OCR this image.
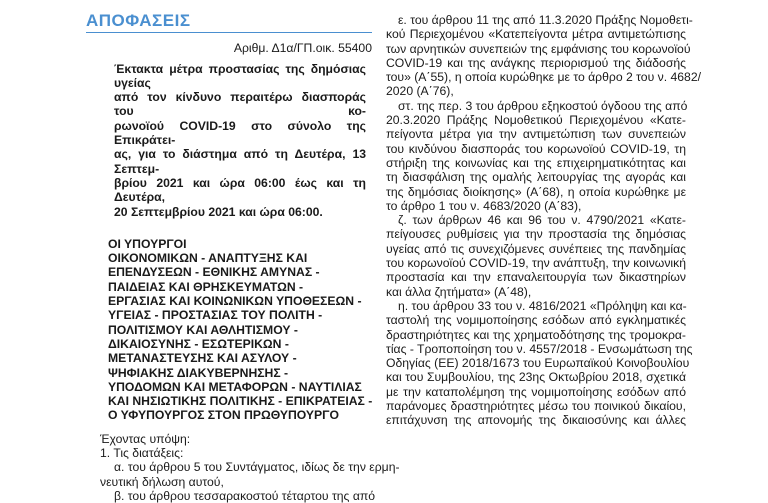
ΑΠΟΦΑΣΕΙΣ
Αριθμ. Δ1α/ΓΠ.οικ. 55400
Έκτακτα μέτρα προστασίας της δημόσιας υγείας
από τον κίνδυνο περαιτέρω διασποράς του κο-
ρωνοϊού COVID-19 στο σύνολο της Επικράτει-
ας, για το διάστημα από τη Δευτέρα, 13 Σεπτεμ-
βρίου 2021 και ώρα 06:00 έως και τη Δευτέρα,
20 Σεπτεμβρίου 2021 και ώρα 06:00.
ΟΙ ΥΠΟΥΡΓΟΙ
ΟΙΚΟΝΟΜΙΚΩΝ - ΑΝΑΠΤΥΞΗΣ ΚΑΙ
ΕΠΕΝΔΥΣΕΩΝ - ΕΘΝΙΚΗΣ ΑΜΥΝΑΣ -
ΠΑΙΔΕΙΑΣ ΚΑΙ ΘΡΗΣΚΕΥΜΑΤΩΝ -
ΕΡΓΑΣΙΑΣ ΚΑΙ ΚΟΙΝΩΝΙΚΩΝ ΥΠΟΘΕΣΕΩΝ -
ΥΓΕΙΑΣ - ΠΡΟΣΤΑΣΙΑΣ ΤΟΥ ΠΟΛΙΤΗ -
ΠΟΛΙΤΙΣΜΟΥ ΚΑΙ ΑΘΛΗΤΙΣΜΟΥ -
ΔΙΚΑΙΟΣΥΝΗΣ - ΕΣΩΤΕΡΙΚΩΝ -
ΜΕΤΑΝΑΣΤΕΥΣΗΣ ΚΑΙ ΑΣΥΛΟΥ -
ΨΗΦΙΑΚΗΣ ΔΙΑΚΥΒΕΡΝΗΣΗΣ -
ΥΠΟΔΟΜΩΝ ΚΑΙ ΜΕΤΑΦΟΡΩΝ - ΝΑΥΤΙΛΙΑΣ
ΚΑΙ ΝΗΣΙΩΤΙΚΗΣ ΠΟΛΙΤΙΚΗΣ - ΕΠΙΚΡΑΤΕΙΑΣ -
Ο ΥΦΥΠΟΥΡΓΟΣ ΣΤΟΝ ΠΡΩΘΥΠΟΥΡΓΟ
Έχοντας υπόψη:
1. Τις διατάξεις:
α. του άρθρου 5 του Συντάγματος, ιδίως δε την ερμη-
νευτική δήλωση αυτού,
β. του άρθρου τεσσαρακοστού τέταρτου της από
ε. του άρθρου 11 της από 11.3.2020 Πράξης Νομοθετι-
κού Περιεχομένου «Κατεπείγοντα μέτρα αντιμετώπισης
των αρνητικών συνεπειών της εμφάνισης του κορωνοϊού
COVID-19 και της ανάγκης περιορισμού της διάδοσής
του» (Α΄55), η οποία κυρώθηκε με το άρθρο 2 του ν. 4682/
2020 (Α΄76),
στ. της περ. 3 του άρθρου εξηκοστού όγδοου της από
20.3.2020 Πράξης Νομοθετικού Περιεχομένου «Κατε-
πείγοντα μέτρα για την αντιμετώπιση των συνεπειών
του κινδύνου διασποράς του κορωνοϊού COVID-19, τη
στήριξη της κοινωνίας και της επιχειρηματικότητας και
τη διασφάλιση της ομαλής λειτουργίας της αγοράς και
της δημόσιας διοίκησης» (Α΄68), η οποία κυρώθηκε με
το άρθρο 1 του ν. 4683/2020 (Α΄83),
ζ. των άρθρων 46 και 96 του ν. 4790/2021 «Κατε-
πείγουσες ρυθμίσεις για την προστασία της δημόσιας
υγείας από τις συνεχιζόμενες συνέπειες της πανδημίας
του κορωνοϊού COVID-19, την ανάπτυξη, την κοινωνική
προστασία και την επαναλειτουργία των δικαστηρίων
και άλλα ζητήματα» (Α΄48),
η. του άρθρου 33 του ν. 4816/2021 «Πρόληψη και κα-
ταστολή της νομιμοποίησης εσόδων από εγκληματικές
δραστηριότητες και της χρηματοδότησης της τρομοκρα-
τίας - Τροποποίηση του ν. 4557/2018 - Ενσωμάτωση της
Οδηγίας (ΕΕ) 2018/1673 του Ευρωπαϊκού Κοινοβουλίου
και του Συμβουλίου, της 23ης Οκτωβρίου 2018, σχετικά
με την καταπολέμηση της νομιμοποίησης εσόδων από
παράνομες δραστηριότητες μέσω του ποινικού δικαίου,
επιτάχυνση της απονομής της δικαιοσύνης και άλλες
